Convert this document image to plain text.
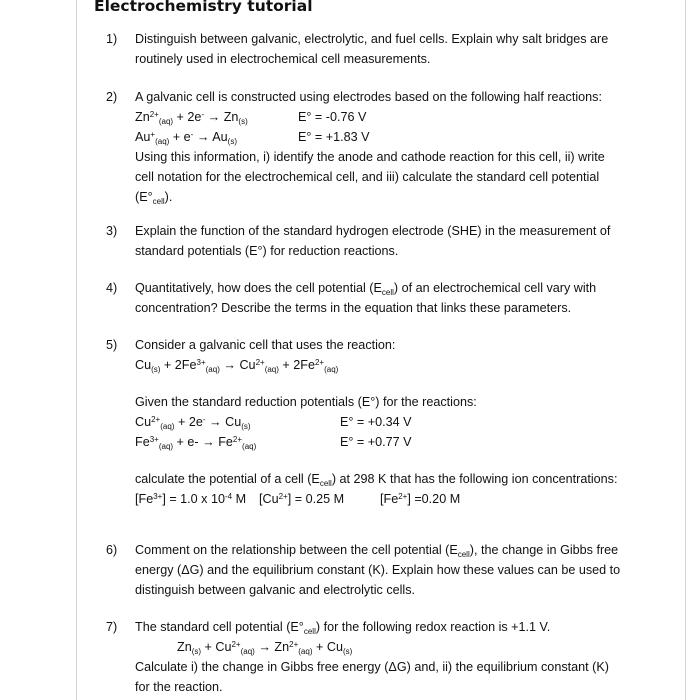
Electrochemistry tutorial
1) Distinguish between galvanic, electrolytic, and fuel cells. Explain why salt bridges are routinely used in electrochemical cell measurements.

2) A galvanic cell is constructed using electrodes based on the following half reactions:

$Zn^{2+}_{(aq)} + 2e^- \to Zn_{(s)}$	E° = -0.76 V
$Au^+_{(aq)} + e^- \to Au_{(s)}$	E° = +1.83 V

Using this information, i) identify the anode and cathode reaction for this cell, ii) write cell notation for the electrochemical cell, and iii) calculate the standard cell potential $(E^\circ_{cell})$.

3) Explain the function of the standard hydrogen electrode (SHE) in the measurement of standard potentials (E°) for reduction reactions.

4) Quantitatively, how does the cell potential $(E_{cell})$ of an electrochemical cell vary with concentration? Describe the terms in the equation that links these parameters.

5) Consider a galvanic cell that uses the reaction:

$Cu_{(s)} + 2Fe^{3+}_{(aq)} \to Cu^{2+}_{(aq)} + 2Fe^{2+}_{(aq)}$

Given the standard reduction potentials (E°) for the reactions:

$Cu^{2+}_{(aq)} + 2e^- \to Cu_{(s)}$	E° = +0.34 V
$Fe^{3+}_{(aq)} + e- \to Fe^{2+}_{(aq)}$	E° = +0.77 V

calculate the potential of a cell $(E_{cell})$ at 298 K that has the following ion concentrations:

$[Fe^{3+}] = 1.0$ x $10^{-4}$ M $[Cu^{2+}] = 0.25$ M	$[Fe^{2+}] =0.20$ M
6) Comment on the relationship between the cell potential $(E_{cell})$, the change in Gibbs free energy (ΔG) and the equilibrium constant (K). Explain how these values can be used to distinguish between galvanic and electrolytic cells.

7) The standard cell potential $(E^\circ_{cell})$ for the following redox reaction is +1.1 V.

$Zn_{(s)} + Cu^{2+}_{(aq)} \to Zn^{2+}_{(aq)} + Cu_{(s)}$

Calculate i) the change in Gibbs free energy (ΔG) and, ii) the equilibrium constant (K) for the reaction.
